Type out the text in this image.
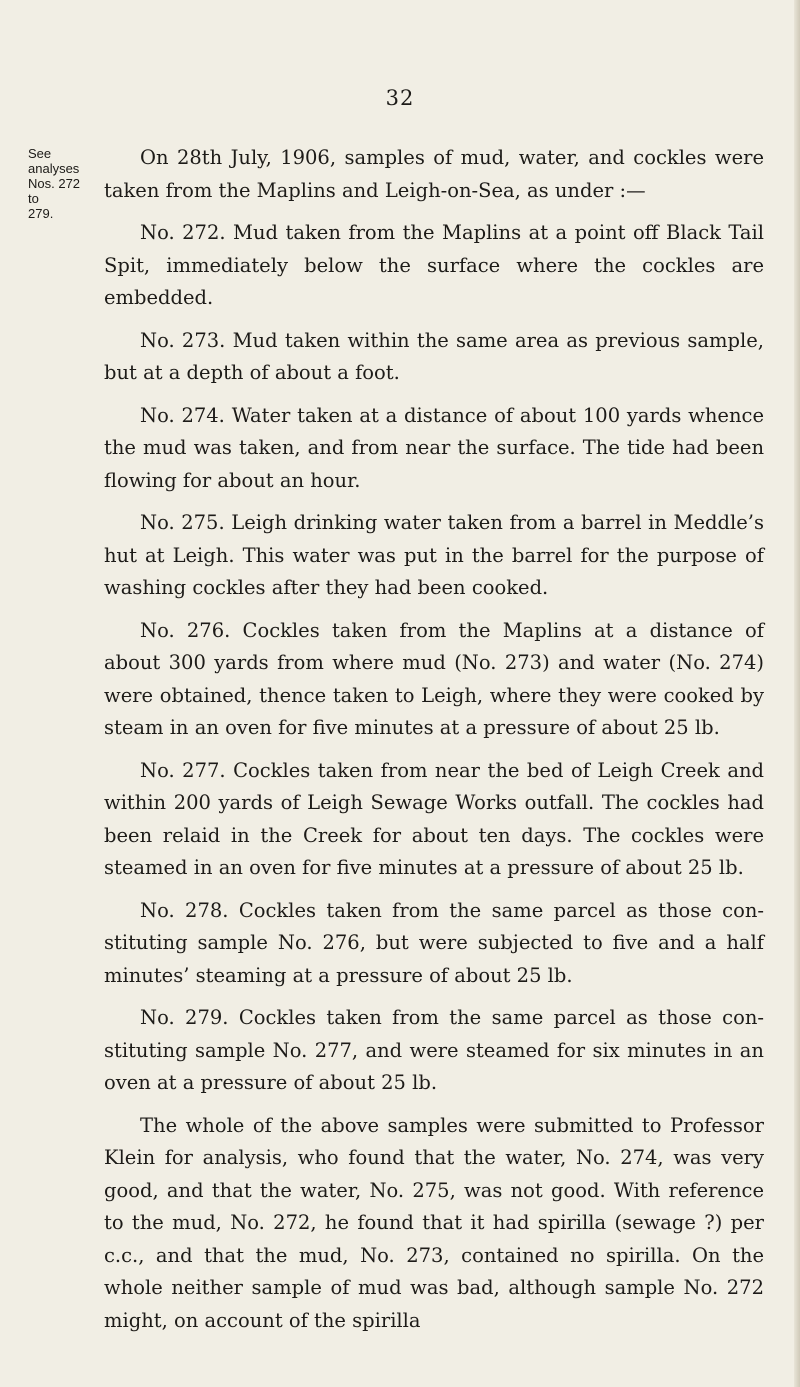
32
See analyses
Nos. 272 to
279.

On 28th July, 1906, samples of mud, water, and cockles were taken from the Maplins and Leigh-on-Sea, as under :—

No. 272. Mud taken from the Maplins at a point off Black Tail Spit, immediately below the surface where the cockles are embedded.

No. 273. Mud taken within the same area as previous sample, but at a depth of about a foot.

No. 274. Water taken at a distance of about 100 yards whence the mud was taken, and from near the surface. The tide had been flowing for about an hour.

No. 275. Leigh drinking water taken from a barrel in Meddle’s hut at Leigh. This water was put in the barrel for the purpose of washing cockles after they had been cooked.

No. 276. Cockles taken from the Maplins at a distance of about 300 yards from where mud (No. 273) and water (No. 274) were obtained, thence taken to Leigh, where they were cooked by steam in an oven for five minutes at a pressure of about 25 lb.

No. 277. Cockles taken from near the bed of Leigh Creek and within 200 yards of Leigh Sewage Works outfall. The cockles had been relaid in the Creek for about ten days. The cockles were steamed in an oven for five minutes at a pressure of about 25 lb.

No. 278. Cockles taken from the same parcel as those con- stituting sample No. 276, but were subjected to five and a half minutes’ steaming at a pressure of about 25 lb.

No. 279. Cockles taken from the same parcel as those con- stituting sample No. 277, and were steamed for six minutes in an oven at a pressure of about 25 lb.

The whole of the above samples were submitted to Professor Klein for analysis, who found that the water, No. 274, was very good, and that the water, No. 275, was not good. With reference to the mud, No. 272, he found that it had spirilla (sewage ?) per c.c., and that the mud, No. 273, contained no spirilla. On the whole neither sample of mud was bad, although sample No. 272 might, on account of the spirilla
